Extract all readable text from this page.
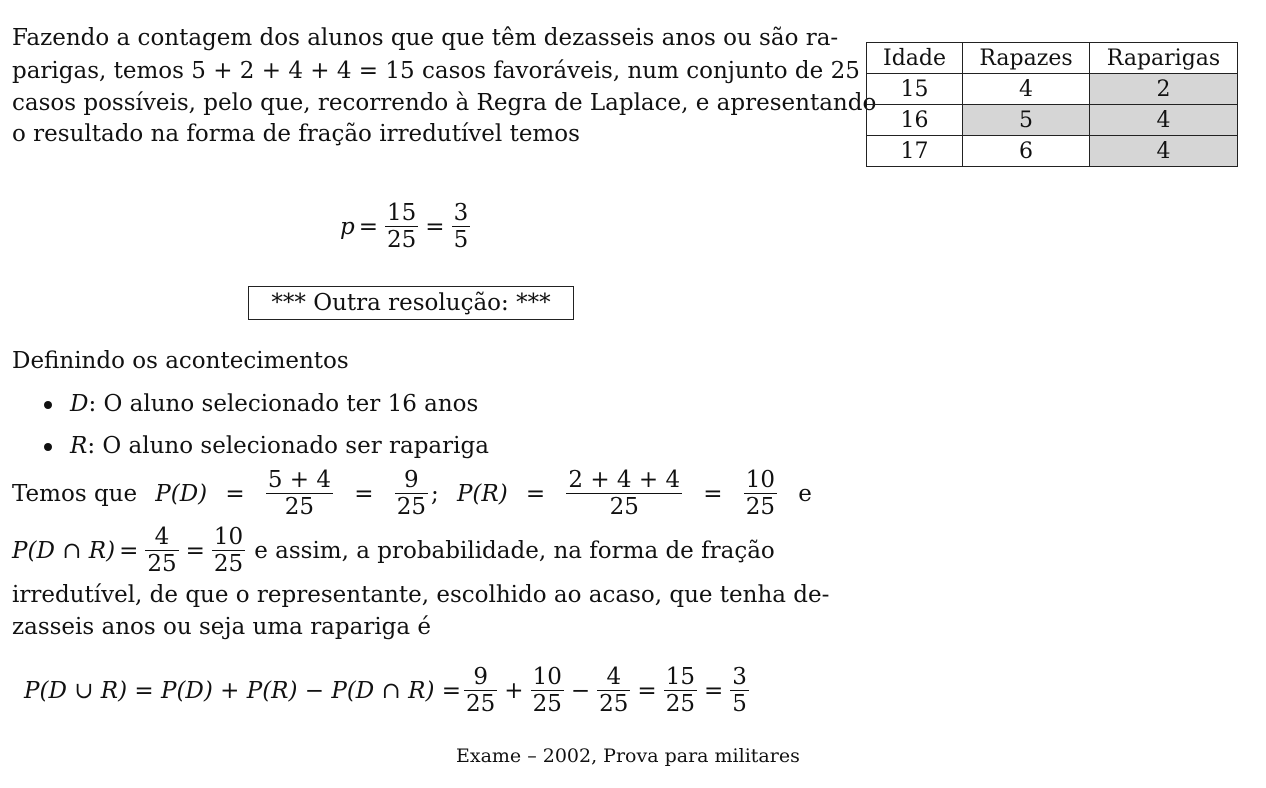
Fazendo a contagem dos alunos que que têm dezasseis anos ou são ra-
parigas, temos 5 + 2 + 4 + 4 = 15 casos favoráveis, num conjunto de 25
casos possíveis, pelo que, recorrendo à Regra de Laplace, e apresentando
o resultado na forma de fração irredutível temos
Idade	Rapazes	Raparigas
15	4	2
16	5	4
17	6	4
$p = \frac{15}{25} = \frac{3}{5}$
*** Outra resolução: ***
Definindo os acontecimentos
D: O aluno selecionado ter 16 anos
R: O aluno selecionado ser rapariga
Temos que $P(D) = \frac{5 + 4}{25} = \frac{9}{25}$ ; $P(R) = \frac{2 + 4 + 4}{25} = \frac{10}{25}$ e
P(D ∩ $R) = \frac{4}{25} = \frac{10}{25}$ e assim, a probabilidade, na forma de fração
irredutível, de que o representante, escolhido ao acaso, que tenha de-
zasseis anos ou seja uma rapariga é
P(D ∪ R) = P(D) + P(R) − P(D ∩ $R) = \frac{9}{25} + \frac{10}{25} - \frac{4}{25} = \frac{15}{25} = \frac{3}{5}$
Exame – 2002, Prova para militares
